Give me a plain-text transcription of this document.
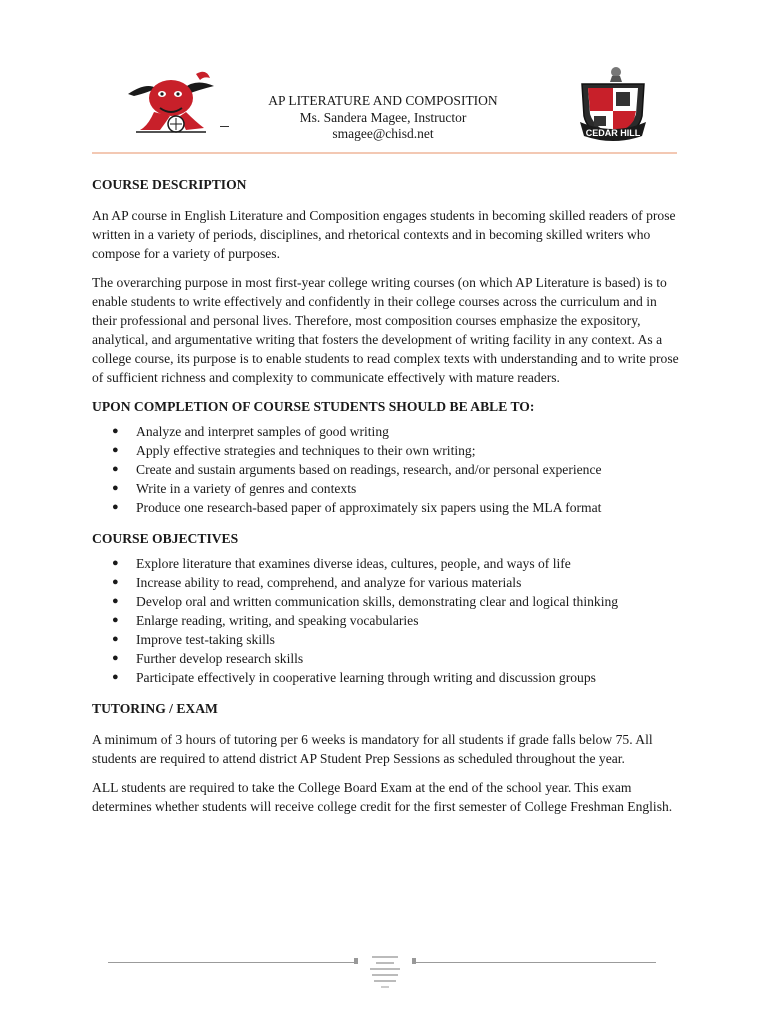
AP LITERATURE AND COMPOSITION
Ms. Sandera Magee, Instructor
smagee@chisd.net	CEDAR HILL
COURSE DESCRIPTION

An AP course in English Literature and Composition engages students in becoming skilled readers of prose written in a variety of periods, disciplines, and rhetorical contexts and in becoming skilled writers who compose for a variety of purposes.

The overarching purpose in most first-year college writing courses (on which AP Literature is based) is to enable students to write effectively and confidently in their college courses across the curriculum and in their professional and personal lives. Therefore, most composition courses emphasize the expository, analytical, and argumentative writing that fosters the development of writing facility in any context. As a college course, its purpose is to enable students to read complex texts with understanding and to write prose of sufficient richness and complexity to communicate effectively with mature readers.

UPON COMPLETION OF COURSE STUDENTS SHOULD BE ABLE TO:
● Analyze and interpret samples of good writing
● Apply effective strategies and techniques to their own writing;
● Create and sustain arguments based on readings, research, and/or personal experience
● Write in a variety of genres and contexts
● Produce one research-based paper of approximately six papers using the MLA format
COURSE OBJECTIVES
● Explore literature that examines diverse ideas, cultures, people, and ways of life
● Increase ability to read, comprehend, and analyze for various materials
● Develop oral and written communication skills, demonstrating clear and logical thinking
● Enlarge reading, writing, and speaking vocabularies
● Improve test-taking skills
● Further develop research skills
● Participate effectively in cooperative learning through writing and discussion groups
TUTORING / EXAM

A minimum of 3 hours of tutoring per 6 weeks is mandatory for all students if grade falls below 75. All students are required to attend district AP Student Prep Sessions as scheduled throughout the year.

ALL students are required to take the College Board Exam at the end of the school year. This exam determines whether students will receive college credit for the first semester of College Freshman English.
